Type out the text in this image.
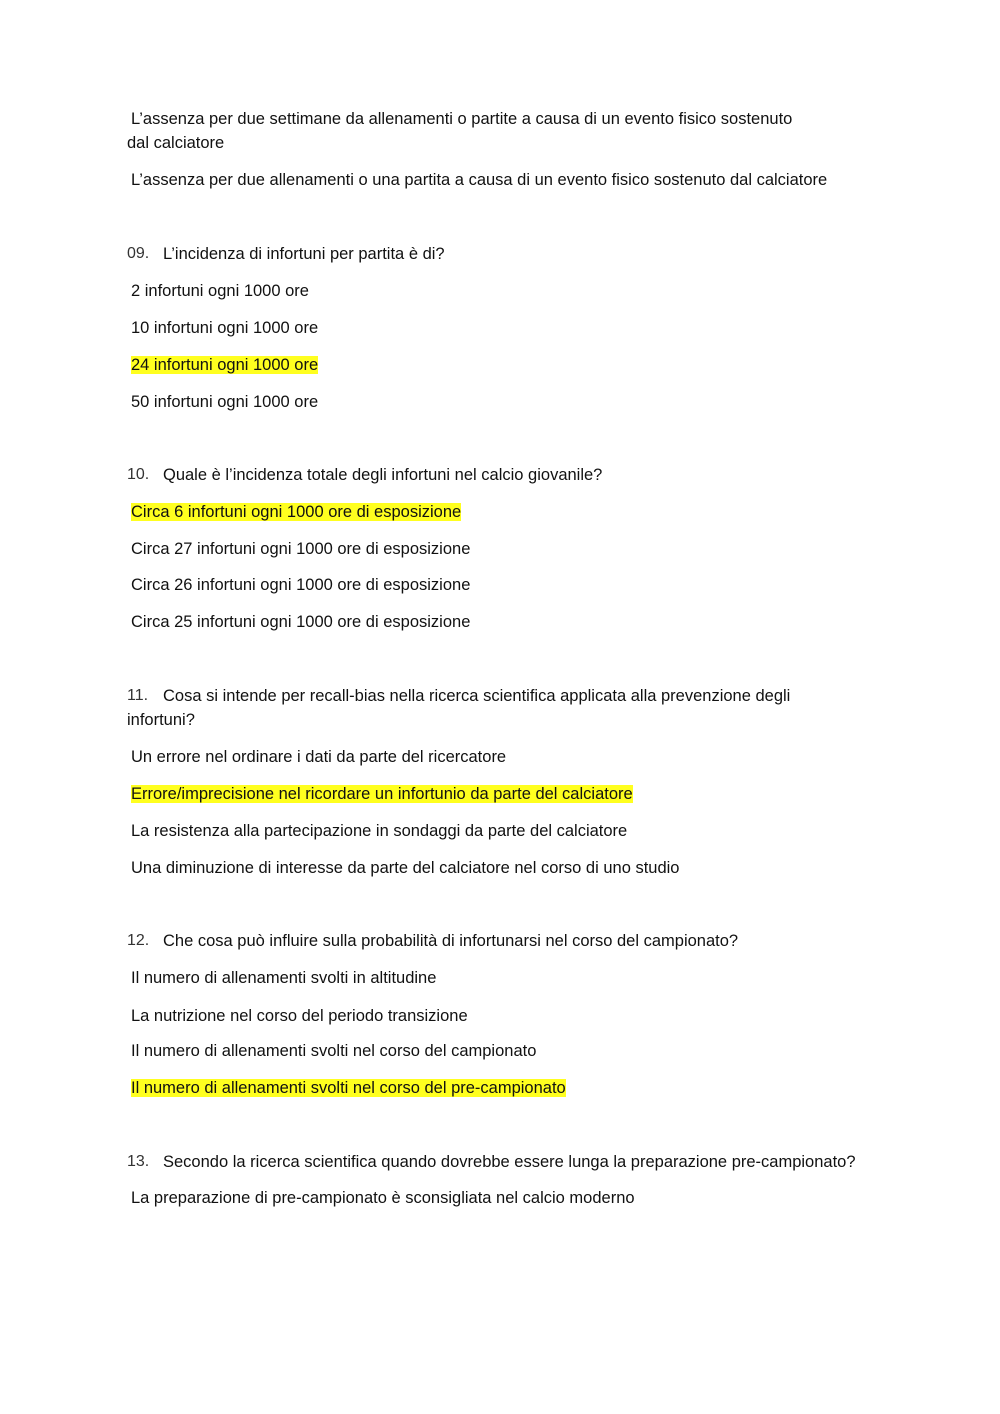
L’assenza per due settimane da allenamenti o partite a causa di un evento fisico sostenuto
dal calciatore
L’assenza per due allenamenti o una partita a causa di un evento fisico sostenuto dal calciatore
09. L’incidenza di infortuni per partita è di?
2 infortuni ogni 1000 ore
10 infortuni ogni 1000 ore
24 infortuni ogni 1000 ore
50 infortuni ogni 1000 ore
10. Quale è l’incidenza totale degli infortuni nel calcio giovanile?
Circa 6 infortuni ogni 1000 ore di esposizione
Circa 27 infortuni ogni 1000 ore di esposizione
Circa 26 infortuni ogni 1000 ore di esposizione
Circa 25 infortuni ogni 1000 ore di esposizione
11. Cosa si intende per recall-bias nella ricerca scientifica applicata alla prevenzione degli
infortuni?
Un errore nel ordinare i dati da parte del ricercatore
Errore/imprecisione nel ricordare un infortunio da parte del calciatore
La resistenza alla partecipazione in sondaggi da parte del calciatore
Una diminuzione di interesse da parte del calciatore nel corso di uno studio
12. Che cosa può influire sulla probabilità di infortunarsi nel corso del campionato?
Il numero di allenamenti svolti in altitudine
La nutrizione nel corso del periodo transizione
Il numero di allenamenti svolti nel corso del campionato
Il numero di allenamenti svolti nel corso del pre-campionato
13. Secondo la ricerca scientifica quando dovrebbe essere lunga la preparazione pre-campionato?
La preparazione di pre-campionato è sconsigliata nel calcio moderno
